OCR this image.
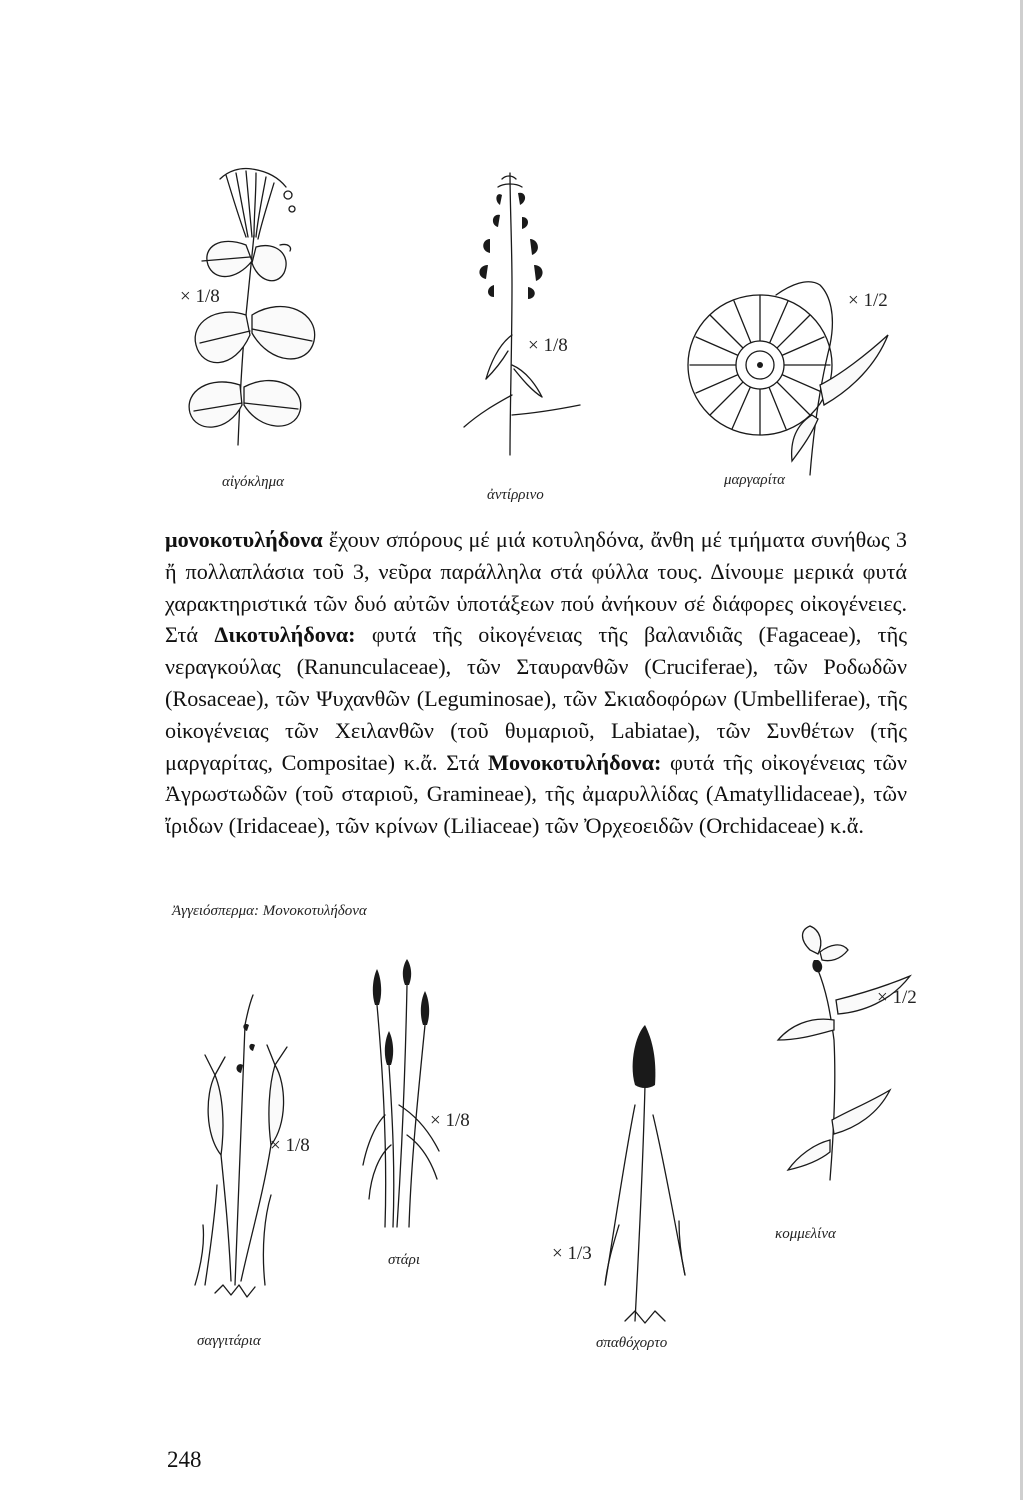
× 1/8
αἰγόκλημα
× 1/8
ἀντίρρινο
× 1/2
μαργαρίτα
μονοκοτυλήδονα ἔχουν σπόρους μέ μιά κοτυληδόνα, ἄνθη μέ τμήματα συνήθως 3 ἤ πολλαπλάσια τοῦ 3, νεῦρα παράλληλα στά φύλλα τους. Δίνουμε μερικά φυτά χαρακτηριστικά τῶν δυό αὐτῶν ὑποτάξεων πού ἀνήκουν σέ διάφορες οἰκογένειες. Στά Δικοτυλήδονα: φυτά τῆς οἰκογένειας τῆς βαλανιδιᾶς (Fagaceae), τῆς νεραγκούλας (Ranunculaceae), τῶν Σταυρανθῶν (Cruciferae), τῶν Ροδωδῶν (Rosaceae), τῶν Ψυχανθῶν (Leguminosae), τῶν Σκιαδοφόρων (Umbelliferae), τῆς οἰκογένειας τῶν Χειλανθῶν (τοῦ θυμαριοῦ, Labiatae), τῶν Συνθέτων (τῆς μαργαρίτας, Compositae) κ.ἄ. Στά Μονοκοτυλήδονα: φυτά τῆς οἰκογένειας τῶν Ἀγρωστωδῶν (τοῦ σταριοῦ, Gramineae), τῆς ἀμαρυλλίδας (Amatyllidaceae), τῶν ἴριδων (Iridaceae), τῶν κρίνων (Liliaceae) τῶν Ὀρχεοειδῶν (Orchidaceae) κ.ἄ.
Ἀγγειόσπερμα: Μονοκοτυλήδονα
× 1/8
σαγγιτάρια
× 1/8
στάρι	× 1/3
σπαθόχορτο
× 1/2
κομμελίνα
248
